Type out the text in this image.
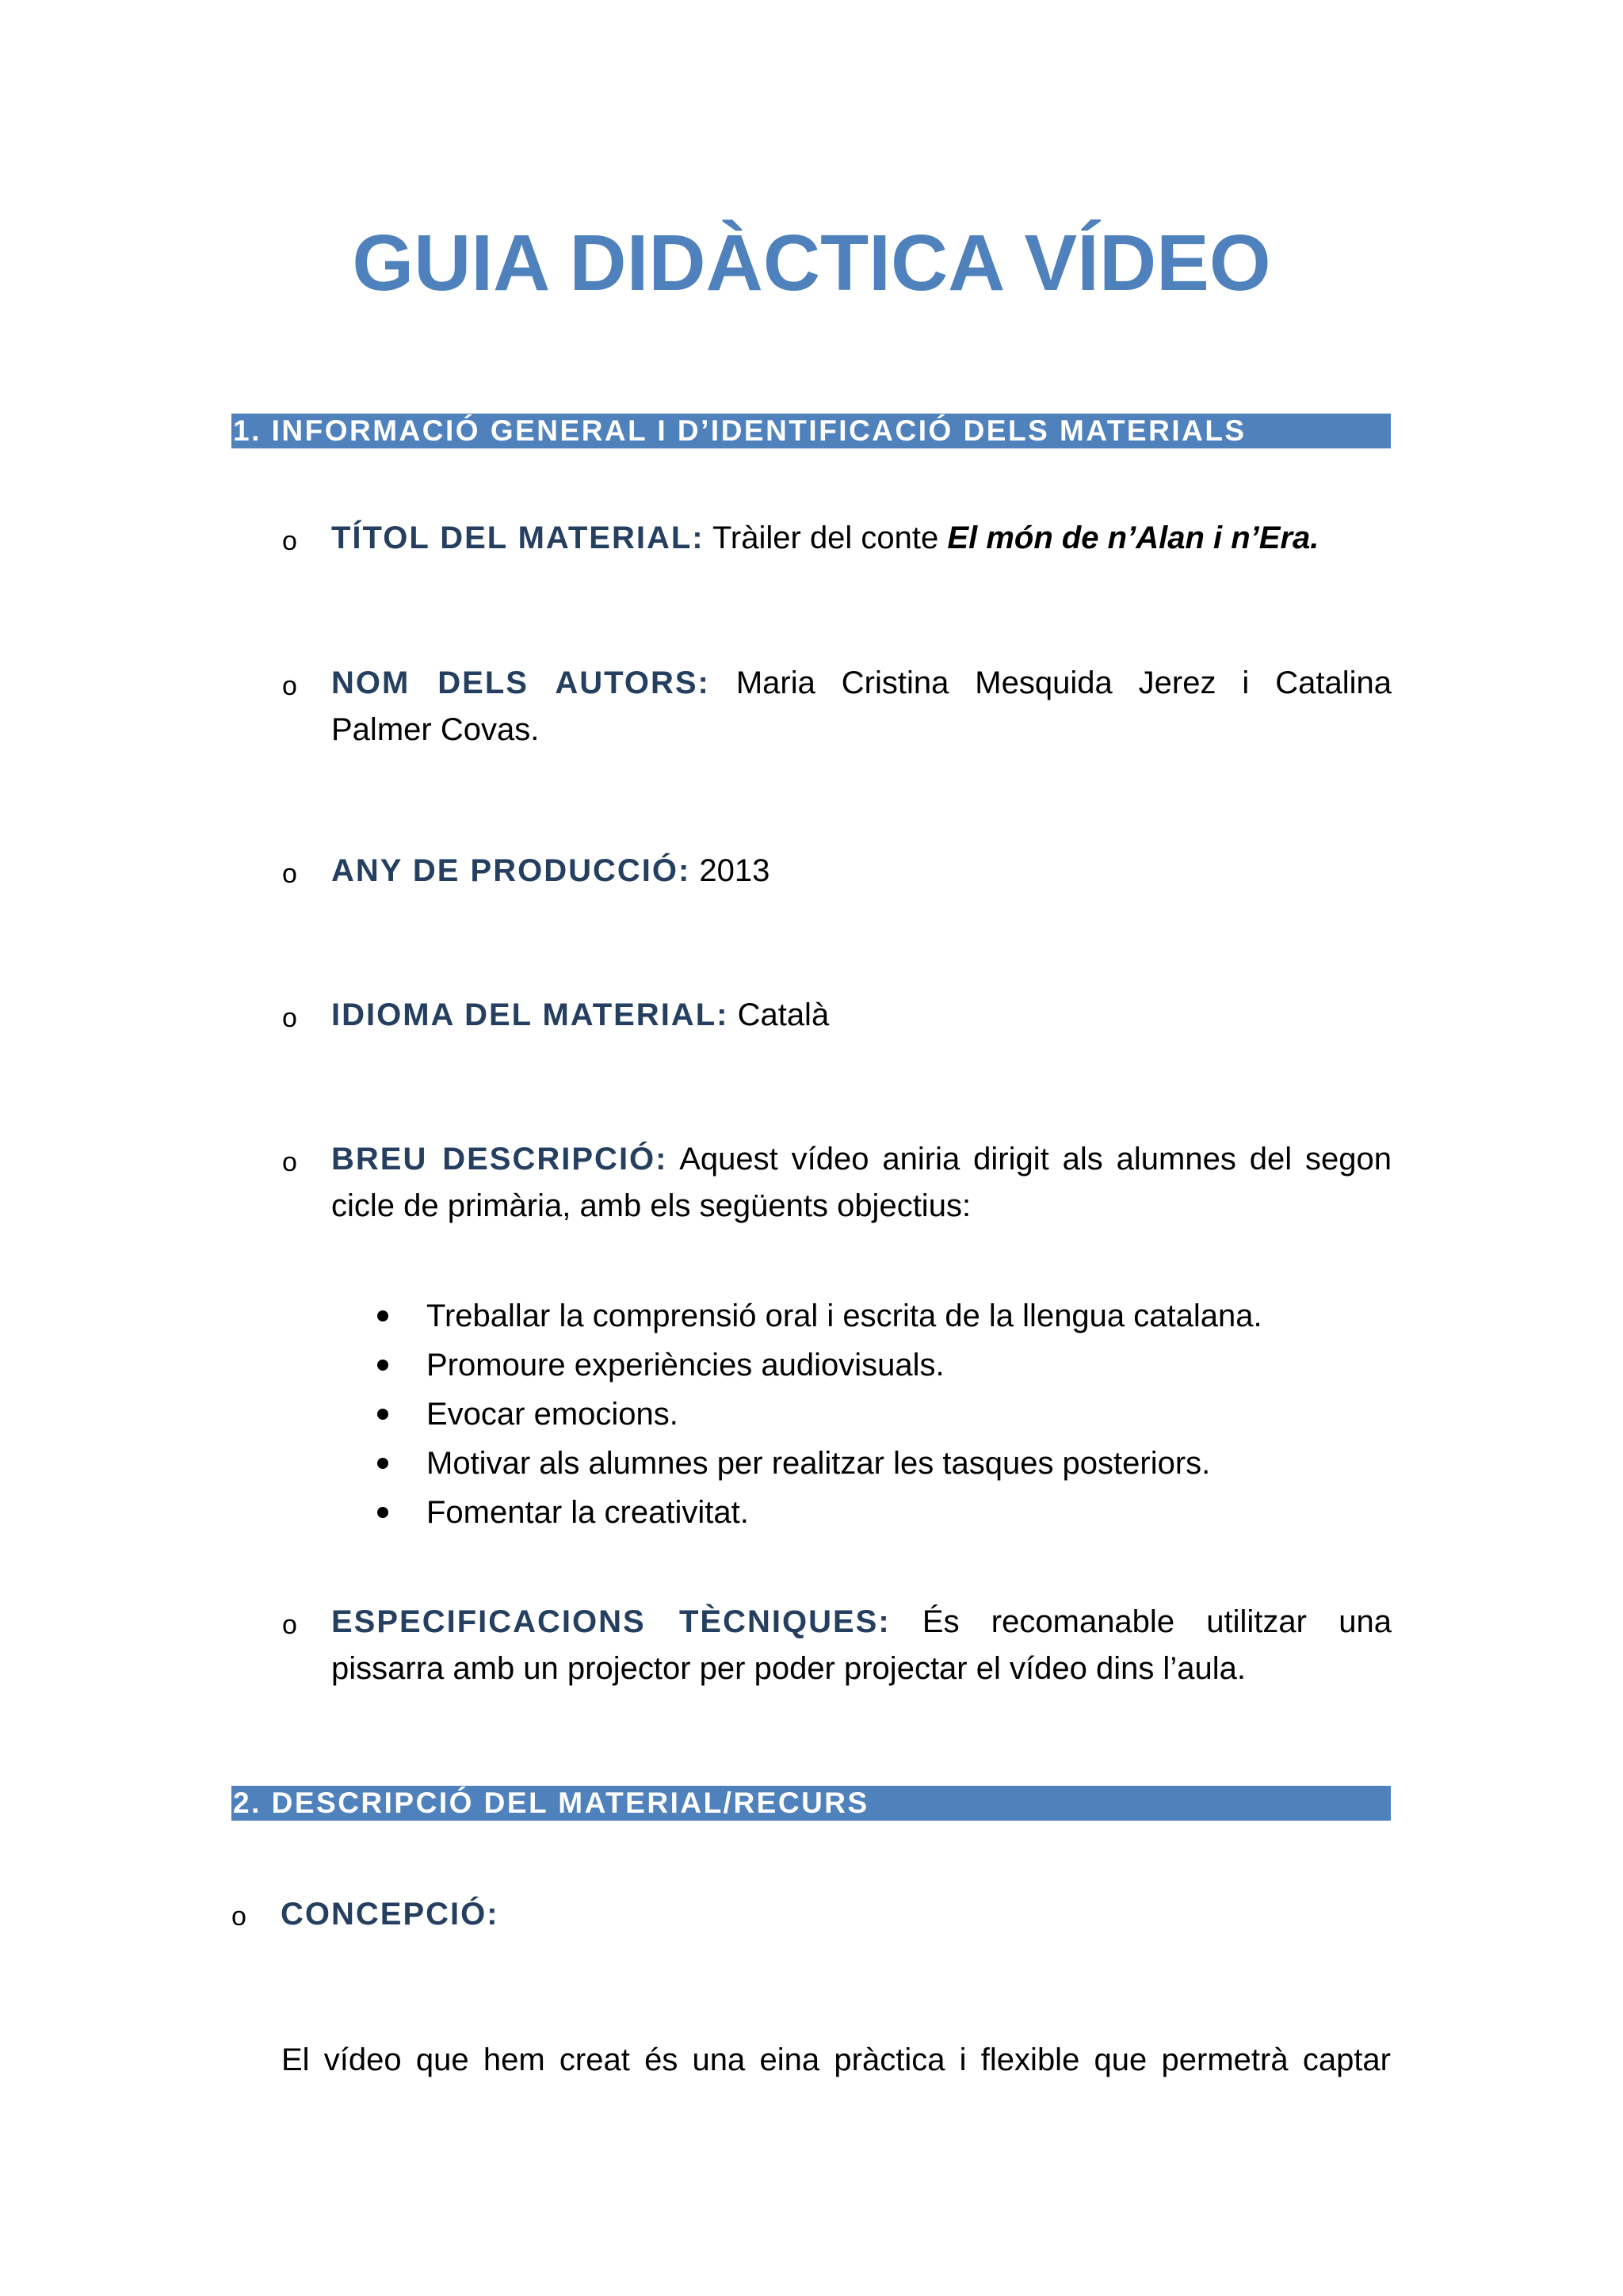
GUIA DIDÀCTICA VÍDEO
1. INFORMACIÓ GENERAL I D’IDENTIFICACIÓ DELS MATERIALS
o TÍTOL DEL MATERIAL: Tràiler del conte El món de n’Alan i n’Era.
o NOM DELS AUTORS: Maria Cristina Mesquida Jerez i Catalina
Palmer Covas.
o ANY DE PRODUCCIÓ: 2013
o IDIOMA DEL MATERIAL: Català
o BREU DESCRIPCIÓ: Aquest vídeo aniria dirigit als alumnes del segon
cicle de primària, amb els següents objectius:
Treballar la comprensió oral i escrita de la llengua catalana.
Promoure experiències audiovisuals.
Evocar emocions.
Motivar als alumnes per realitzar les tasques posteriors.
Fomentar la creativitat.
o ESPECIFICACIONS TÈCNIQUES: És recomanable utilitzar una
pissarra amb un projector per poder projectar el vídeo dins l’aula.
2. DESCRIPCIÓ DEL MATERIAL/RECURS
o CONCEPCIÓ:
El vídeo que hem creat és una eina pràctica i flexible que permetrà captar
